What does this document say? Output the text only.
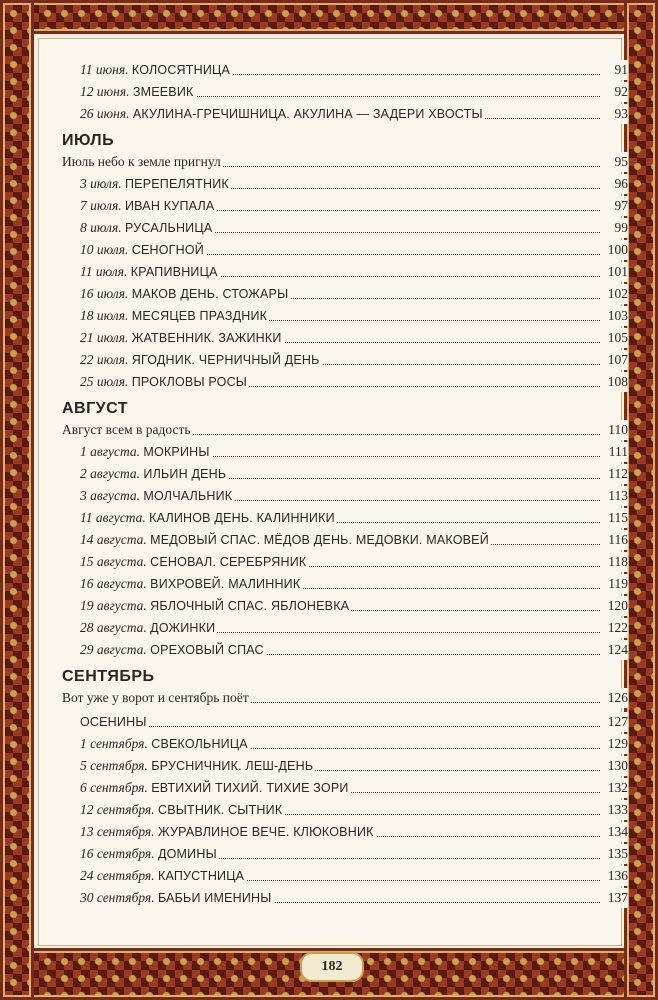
11 июня. КОЛОСЯТНИЦА	91
12 июня. ЗМЕЕВИК	92
26 июня. АКУЛИНА-ГРЕЧИШНИЦА. АКУЛИНА — ЗАДЕРИ ХВОСТЫ	93
ИЮЛЬ
Июль небо к земле пригнул	95
3 июля. ПЕРЕПЕЛЯТНИК	96
7 июля. ИВАН КУПАЛА	97
8 июля. РУСАЛЬНИЦА	99
10 июля. СЕНОГНОЙ	100
11 июля. КРАПИВНИЦА	101
16 июля. МАКОВ ДЕНЬ. СТОЖАРЫ	102
18 июля. МЕСЯЦЕВ ПРАЗДНИК	103
21 июля. ЖАТВЕННИК. ЗАЖИНКИ	105
22 июля. ЯГОДНИК. ЧЕРНИЧНЫЙ ДЕНЬ	107
25 июля. ПРОКЛОВЫ РОСЫ	108
АВГУСТ
Август всем в радость	110
1 августа. МОКРИНЫ	111
2 августа. ИЛЬИН ДЕНЬ	112
3 августа. МОЛЧАЛЬНИК	113
11 августа. КАЛИНОВ ДЕНЬ. КАЛИННИКИ	115
14 августа. МЕДОВЫЙ СПАС. МЁДОВ ДЕНЬ. МЕДОВКИ. МАКОВЕЙ	116
15 августа. СЕНОВАЛ. СЕРЕБРЯНИК	118
16 августа. ВИХРОВЕЙ. МАЛИННИК	119
19 августа. ЯБЛОЧНЫЙ СПАС. ЯБЛОНЕВКА	120
28 августа. ДОЖИНКИ	122
29 августа. ОРЕХОВЫЙ СПАС	124
СЕНТЯБРЬ
Вот уже у ворот и сентябрь поёт	126
ОСЕНИНЫ	127
1 сентября. СВЕКОЛЬНИЦА	129
5 сентября. БРУСНИЧНИК. ЛЕШ-ДЕНЬ	130
6 сентября. ЕВТИХИЙ ТИХИЙ. ТИХИЕ ЗОРИ	132
12 сентября. СВЫТНИК. СЫТНИК	133
13 сентября. ЖУРАВЛИНОЕ ВЕЧЕ. КЛЮКОВНИК	134
16 сентября. ДОМИНЫ	135
24 сентября. КАПУСТНИЦА	136
30 сентября. БАБЬИ ИМЕНИНЫ	137
182
